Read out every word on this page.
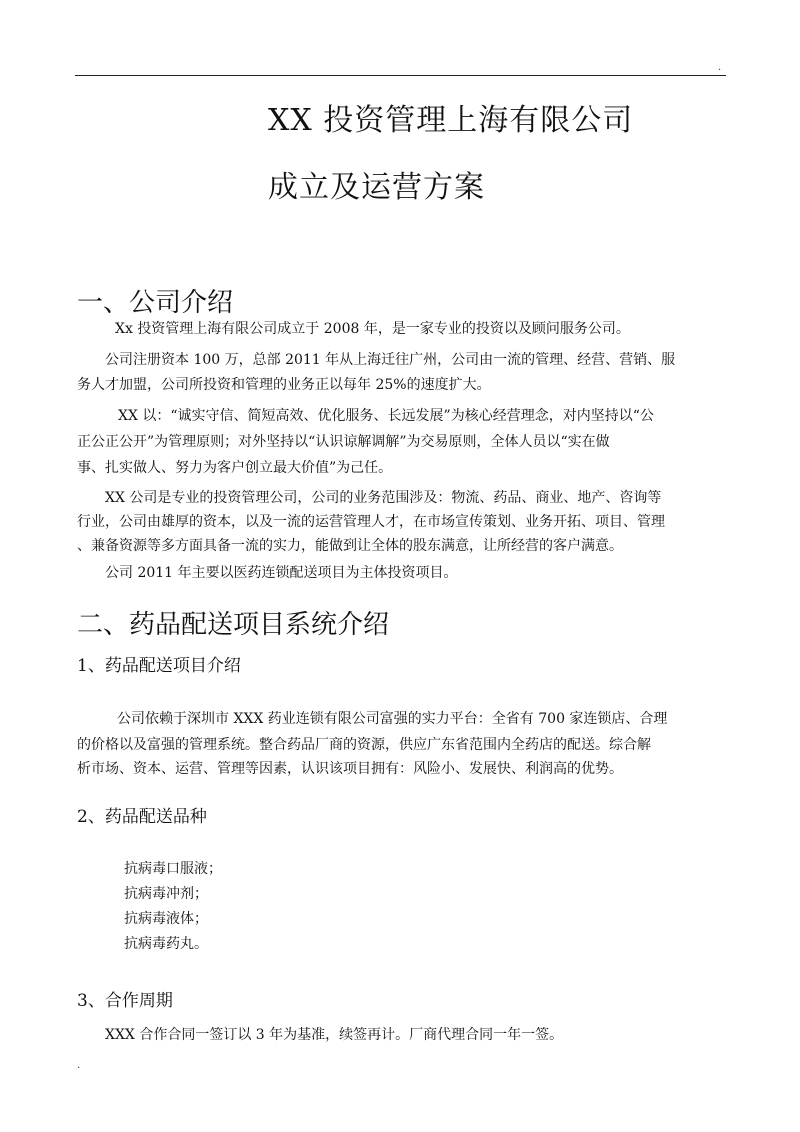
.
XX 投资管理上海有限公司
成立及运营方案
一、公司介绍
Xx 投资管理上海有限公司成立于 2008 年，是一家专业的投资以及顾问服务公司。
公司注册资本 100 万，总部 2011 年从上海迁往广州，公司由一流的管理、经营、营销、服
务人才加盟，公司所投资和管理的业务正以每年 25%的速度扩大。
XX 以：“诚实守信、简短高效、优化服务、长远发展”为核心经营理念，对内坚持以“公
正公正公开”为管理原则；对外坚持以“认识谅解调解”为交易原则，全体人员以“实在做
事、扎实做人、努力为客户创立最大价值”为己任。
XX 公司是专业的投资管理公司，公司的业务范围涉及：物流、药品、商业、地产、咨询等
行业，公司由雄厚的资本，以及一流的运营管理人才，在市场宣传策划、业务开拓、项目、管理
、兼备资源等多方面具备一流的实力，能做到让全体的股东满意，让所经营的客户满意。
公司 2011 年主要以医药连锁配送项目为主体投资项目。
二、药品配送项目系统介绍
1、药品配送项目介绍
公司依赖于深圳市 XXX 药业连锁有限公司富强的实力平台：全省有 700 家连锁店、合理
的价格以及富强的管理系统。整合药品厂商的资源，供应广东省范围内全药店的配送。综合解
析市场、资本、运营、管理等因素，认识该项目拥有：风险小、发展快、利润高的优势。
2、药品配送品种
抗病毒口服液；
抗病毒冲剂；
抗病毒液体；
抗病毒药丸。
3、合作周期
XXX 合作合同一签订以 3 年为基准，续签再计。厂商代理合同一年一签。
.
